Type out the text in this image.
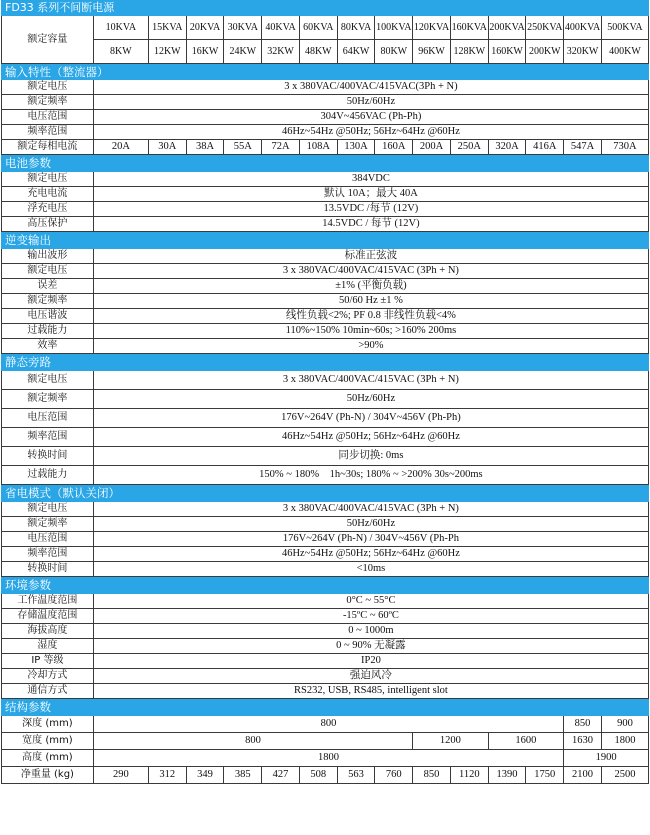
FD33 系列不间断电源														
额定容量	10KVA	15KVA	20KVA	30KVA	40KVA	60KVA	80KVA	100KVA	120KVA	160KVA	200KVA	250KVA	400KVA	500KVA
	8KW	12KW	16KW	24KW	32KW	48KW	64KW	80KW	96KW	128KW	160KW	200KW	320KW	400KW
输入特性（整流器）														
额定电压	3 x 380VAC/400VAC/415VAC(3Ph + N)													
额定频率	50Hz/60Hz													
电压范围	304V~456VAC (Ph-Ph)													
频率范围	46Hz~54Hz @50Hz; 56Hz~64Hz @60Hz													
额定每相电流	20A	30A	38A	55A	72A	108A	130A	160A	200A	250A	320A	416A	547A	730A
电池参数														
额定电压	384VDC													
充电电流	默认 10A；最大 40A													
浮充电压	13.5VDC /每节 (12V)													
高压保护	14.5VDC / 每节 (12V)													
逆变输出														
输出波形	标准正弦波													
额定电压	3 x 380VAC/400VAC/415VAC (3Ph + N)													
误差	±1% (平衡负载)													
额定频率	50/60 Hz ±1 %													
电压谐波	线性负载<2%; PF 0.8 非线性负载<4%													
过载能力	110%~150% 10min~60s; >160% 200ms													
效率	>90%													
静态旁路														
额定电压	3 x 380VAC/400VAC/415VAC (3Ph + N)													
额定频率	50Hz/60Hz													
电压范围	176V~264V (Ph-N) / 304V~456V (Ph-Ph)													
频率范围	46Hz~54Hz @50Hz; 56Hz~64Hz @60Hz													
转换时间	同步切换: 0ms													
过载能力	150% ~ 180%　1h~30s; 180% ~ >200% 30s~200ms													
省电模式（默认关闭）														
额定电压	3 x 380VAC/400VAC/415VAC (3Ph + N)													
额定频率	50Hz/60Hz													
电压范围	176V~264V (Ph-N) / 304V~456V (Ph-Ph													
频率范围	46Hz~54Hz @50Hz; 56Hz~64Hz @60Hz													
转换时间	<10ms													
环境参数														
工作温度范围	0°C ~ 55°C													
存储温度范围	-15ºC ~ 60ºC													
海拔高度	0 ~ 1000m													
湿度	0 ~ 90% 无凝露													
IP 等级	IP20													
冷却方式	强迫风冷													
通信方式	RS232, USB, RS485, intelligent slot													
结构参数														
深度 (mm)	800												850	900
宽度 (mm)	800								1200		1600		1630	1800
高度 (mm)	1800												1900	
净重量 (kg)	290	312	349	385	427	508	563	760	850	1120	1390	1750	2100	2500
